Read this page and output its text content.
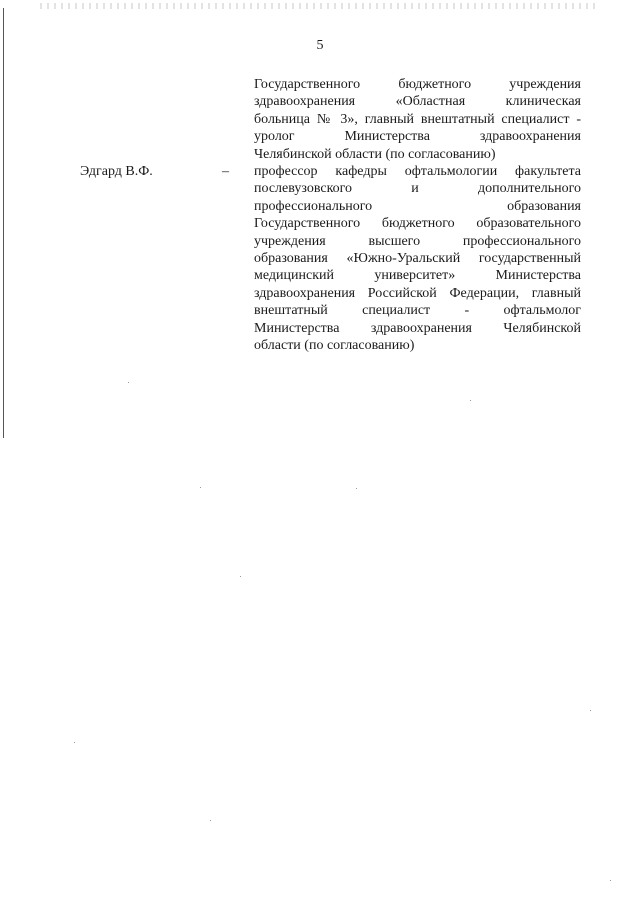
5
Государственного бюджетного учреждения
здравоохранения «Областная клиническая
больница № 3», главный внештатный специалист -
уролог Министерства здравоохранения
Челябинской области (по согласованию)
Эдгард В.Ф.	– профессор кафедры офтальмологии факультета
послевузовского и дополнительного
профессионального образования
Государственного бюджетного образовательного
учреждения высшего профессионального
образования «Южно-Уральский государственный
медицинский университет» Министерства
здравоохранения Российской Федерации, главный
внештатный специалист - офтальмолог
Министерства здравоохранения Челябинской
области (по согласованию)
